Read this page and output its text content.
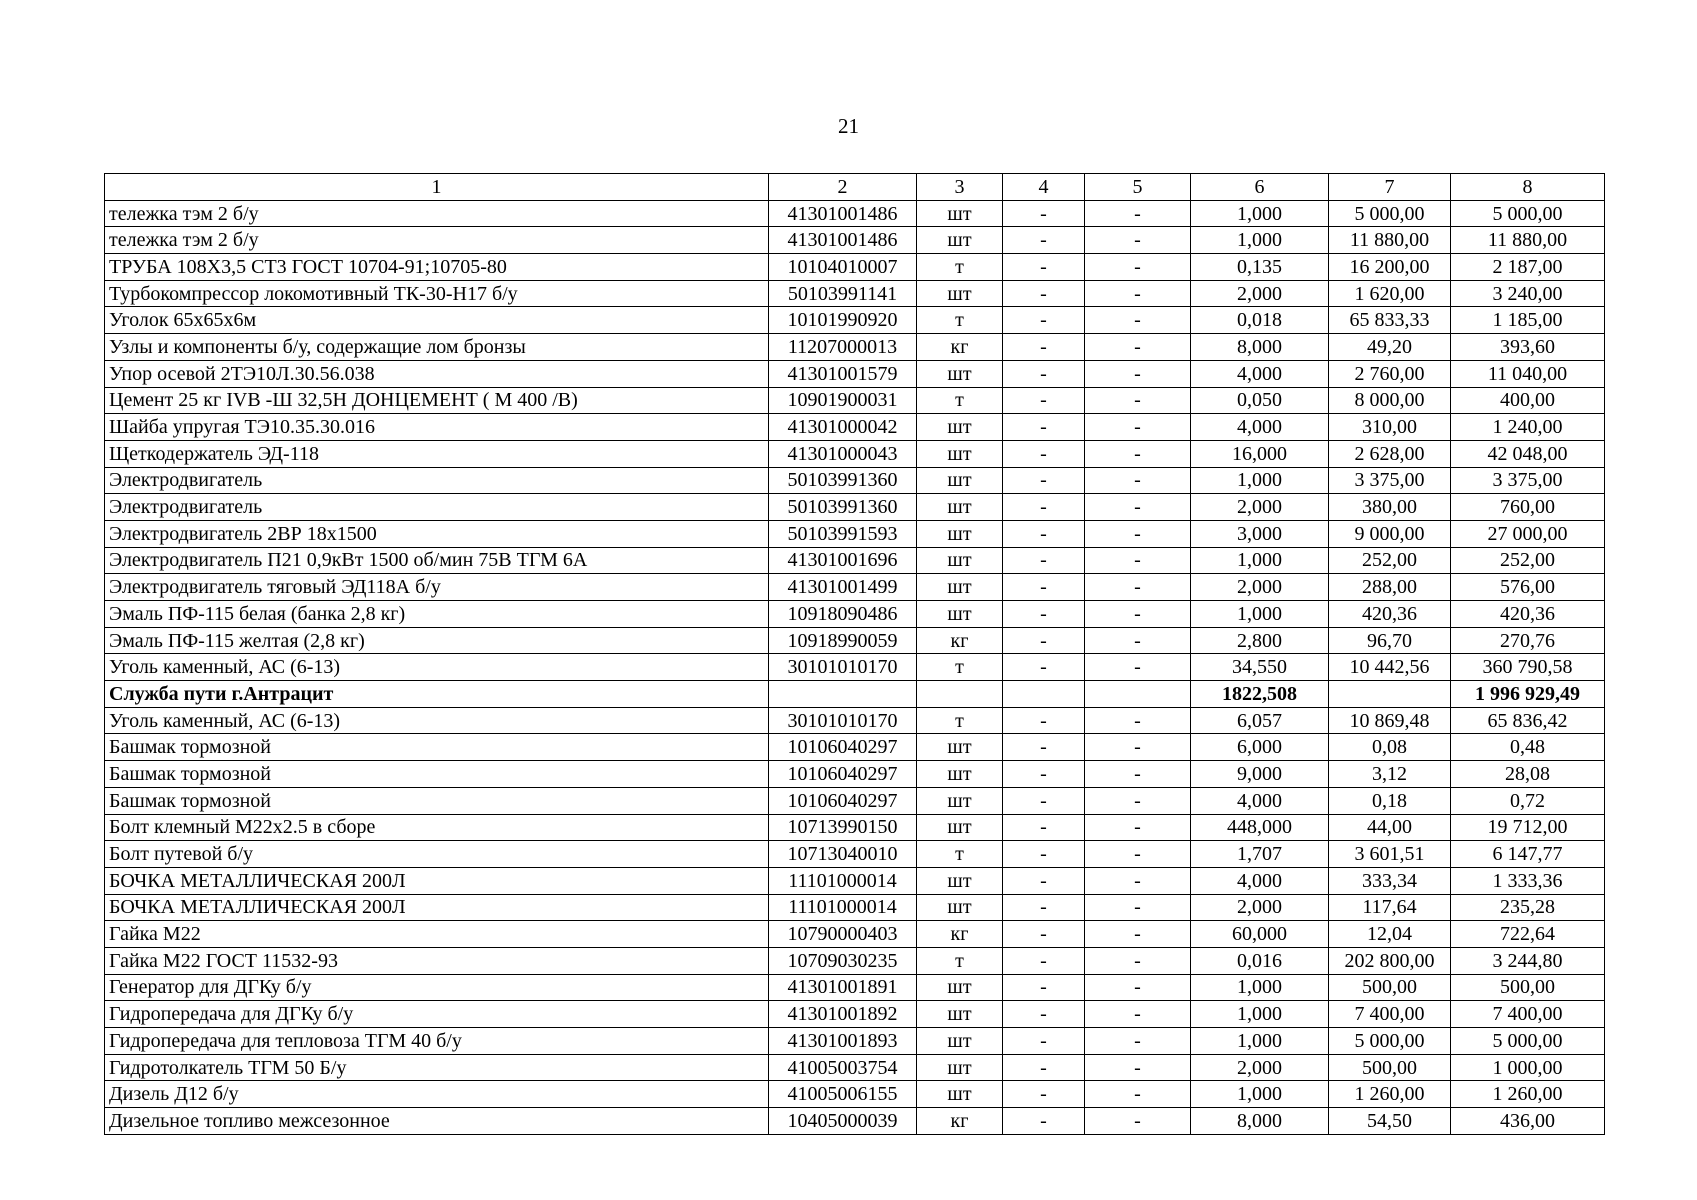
21
1	2	3	4	5	6	7	8
тележка тэм 2 б/у	41301001486	шт	-	-	1,000	5 000,00	5 000,00
тележка тэм 2 б/у	41301001486	шт	-	-	1,000	11 880,00	11 880,00
ТРУБА 108Х3,5 СТ3 ГОСТ 10704-91;10705-80	10104010007	т	-	-	0,135	16 200,00	2 187,00
Турбокомпрессор локомотивный ТК-30-Н17 б/у	50103991141	шт	-	-	2,000	1 620,00	3 240,00
Уголок 65х65х6м	10101990920	т	-	-	0,018	65 833,33	1 185,00
Узлы и компоненты б/у, содержащие лом бронзы	11207000013	кг	-	-	8,000	49,20	393,60
Упор осевой 2ТЭ10Л.30.56.038	41301001579	шт	-	-	4,000	2 760,00	11 040,00
Цемент 25 кг IVB -Ш 32,5Н ДОНЦЕМЕНТ ( М 400 /В)	10901900031	т	-	-	0,050	8 000,00	400,00
Шайба упругая ТЭ10.35.30.016	41301000042	шт	-	-	4,000	310,00	1 240,00
Щеткодержатель ЭД-118	41301000043	шт	-	-	16,000	2 628,00	42 048,00
Электродвигатель	50103991360	шт	-	-	1,000	3 375,00	3 375,00
Электродвигатель	50103991360	шт	-	-	2,000	380,00	760,00
Электродвигатель 2ВР 18х1500	50103991593	шт	-	-	3,000	9 000,00	27 000,00
Электродвигатель П21 0,9кВт 1500 об/мин 75В ТГМ 6А	41301001696	шт	-	-	1,000	252,00	252,00
Электродвигатель тяговый ЭД118А б/у	41301001499	шт	-	-	2,000	288,00	576,00
Эмаль ПФ-115 белая (банка 2,8 кг)	10918090486	шт	-	-	1,000	420,36	420,36
Эмаль ПФ-115 желтая (2,8 кг)	10918990059	кг	-	-	2,800	96,70	270,76
Уголь каменный, АС (6-13)	30101010170	т	-	-	34,550	10 442,56	360 790,58
Служба пути г.Антрацит					1822,508		1 996 929,49
Уголь каменный, АС (6-13)	30101010170	т	-	-	6,057	10 869,48	65 836,42
Башмак тормозной	10106040297	шт	-	-	6,000	0,08	0,48
Башмак тормозной	10106040297	шт	-	-	9,000	3,12	28,08
Башмак тормозной	10106040297	шт	-	-	4,000	0,18	0,72
Болт клемный М22х2.5 в сборе	10713990150	шт	-	-	448,000	44,00	19 712,00
Болт путевой б/у	10713040010	т	-	-	1,707	3 601,51	6 147,77
БОЧКА МЕТАЛЛИЧЕСКАЯ 200Л	11101000014	шт	-	-	4,000	333,34	1 333,36
БОЧКА МЕТАЛЛИЧЕСКАЯ 200Л	11101000014	шт	-	-	2,000	117,64	235,28
Гайка М22	10790000403	кг	-	-	60,000	12,04	722,64
Гайка М22 ГОСТ 11532-93	10709030235	т	-	-	0,016	202 800,00	3 244,80
Генератор для ДГКу б/у	41301001891	шт	-	-	1,000	500,00	500,00
Гидропередача для ДГКу б/у	41301001892	шт	-	-	1,000	7 400,00	7 400,00
Гидропередача для тепловоза ТГМ 40 б/у	41301001893	шт	-	-	1,000	5 000,00	5 000,00
Гидротолкатель ТГМ 50 Б/у	41005003754	шт	-	-	2,000	500,00	1 000,00
Дизель Д12 б/у	41005006155	шт	-	-	1,000	1 260,00	1 260,00
Дизельное топливо межсезонное	10405000039	кг	-	-	8,000	54,50	436,00
